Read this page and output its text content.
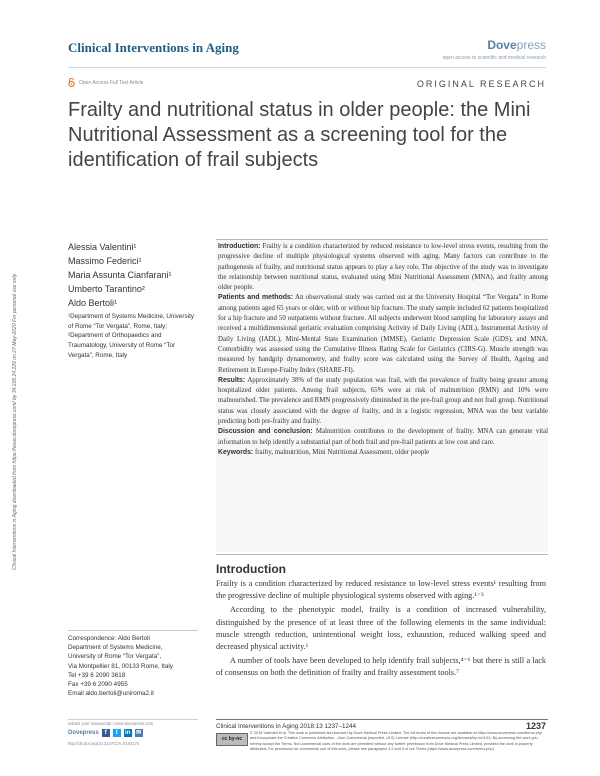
Clinical Interventions in Aging	Dovepress
open access to scientific and medical research
Open Access Full Text Article	ORIGINAL RESEARCH
Frailty and nutritional status in older people: the Mini Nutritional Assessment as a screening tool for the identification of frail subjects
Clinical Interventions in Aging downloaded from https://www.dovepress.com/ by 34.226.24.229 on 27-May-2020 For personal use only.
Alessia Valentini¹
Massimo Federici¹
Maria Assunta Cianfarani¹
Umberto Tarantino²
Aldo Bertoli¹
¹Department of Systems Medicine, University of Rome “Tor Vergata”, Rome, Italy; ²Department of Orthopaedics and Traumatology, University of Rome “Tor Vergata”, Rome, Italy

Introduction: Frailty is a condition characterized by reduced resistance to low-level stress events, resulting from the progressive decline of multiple physiological systems observed with aging. Many factors can contribute to the pathogenesis of frailty, and nutritional status appears to play a key role. The objective of the study was to investigate the relationship between nutritional status, evaluated using Mini Nutritional Assessment (MNA), and frailty among older people.

Patients and methods: An observational study was carried out at the University Hospital “Tor Vergata” in Rome among patients aged 65 years or older, with or without hip fracture. The study sample included 62 patients hospitalized for a hip fracture and 50 outpatients without fracture. All subjects underwent blood sampling for laboratory assays and received a multidimensional geriatric evaluation comprising Activity of Daily Living (ADL), Instrumental Activity of Daily Living (IADL), Mini-Mental State Examination (MMSE), Geriatric Depression Scale (GDS), and MNA. Comorbidity was assessed using the Cumulative Illness Rating Scale for Geriatrics (CIRS-G). Muscle strength was measured by handgrip dynamometry, and frailty score was calculated using the Survey of Health, Ageing and Retirement in Europe-Frailty Index (SHARE-FI).

Results: Approximately 38% of the study population was frail, with the prevalence of frailty being greater among hospitalized older patients. Among frail subjects, 65% were at risk of malnutrition (RMN) and 10% were malnourished. The prevalence and RMN progressively diminished in the pre-frail group and not frail group. Nutritional status was closely associated with the degree of frailty, and in a logistic regression, MNA was the best variable predicting both pre-frailty and frailty.

Discussion and conclusion: Malnutrition contributes to the development of frailty. MNA can generate vital information to help identify a substantial part of both frail and pre-frail patients at low cost and care.

Keywords: frailty, malnutrition, Mini Nutritional Assessment, older people

Introduction

Frailty is a condition characterized by reduced resistance to low-level stress events¹ resulting from the progressive decline of multiple physiological systems observed with aging.¹⁻³

According to the phenotypic model, frailty is a condition of increased vulnerability, distinguished by the presence of at least three of the following elements in the same individual: muscle strength reduction, unintentional weight loss, exhaustion, reduced walking speed and decreased physical activity.¹

A number of tools have been developed to help identify frail subjects,⁴⁻⁶ but there is still a lack of consensus on both the definition of frailty and frailty assessment tools.⁷

Correspondence: Aldo Bertoli
Department of Systems Medicine,
University of Rome “Tor Vergata”,
Via Montpellier 81, 00133 Rome, Italy
Tel +39 6 2090 3618
Fax +39 6 2090 4955
Email aldo.bertoli@uniroma2.it
submit your manuscript | www.dovepress.com
Dovepress	f	t	in ✉
http://dx.doi.org/10.2147/CIA.S164174
Clinical Interventions in Aging 2018:13 1237–1244	1237
cc by-nc
© 2018 Valentini et al. This work is published and licensed by Dove Medical Press Limited. The full terms of this license are available at https://www.dovepress.com/terms.php and incorporate the Creative Commons Attribution – Non Commercial (unported, v3.0) License (http://creativecommons.org/licenses/by-nc/3.0/). By accessing the work you hereby accept the Terms. Non-commercial uses of the work are permitted without any further permission from Dove Medical Press Limited, provided the work is properly attributed. For permission for commercial use of this work, please see paragraphs 4.2 and 5 of our Terms (https://www.dovepress.com/terms.php).
